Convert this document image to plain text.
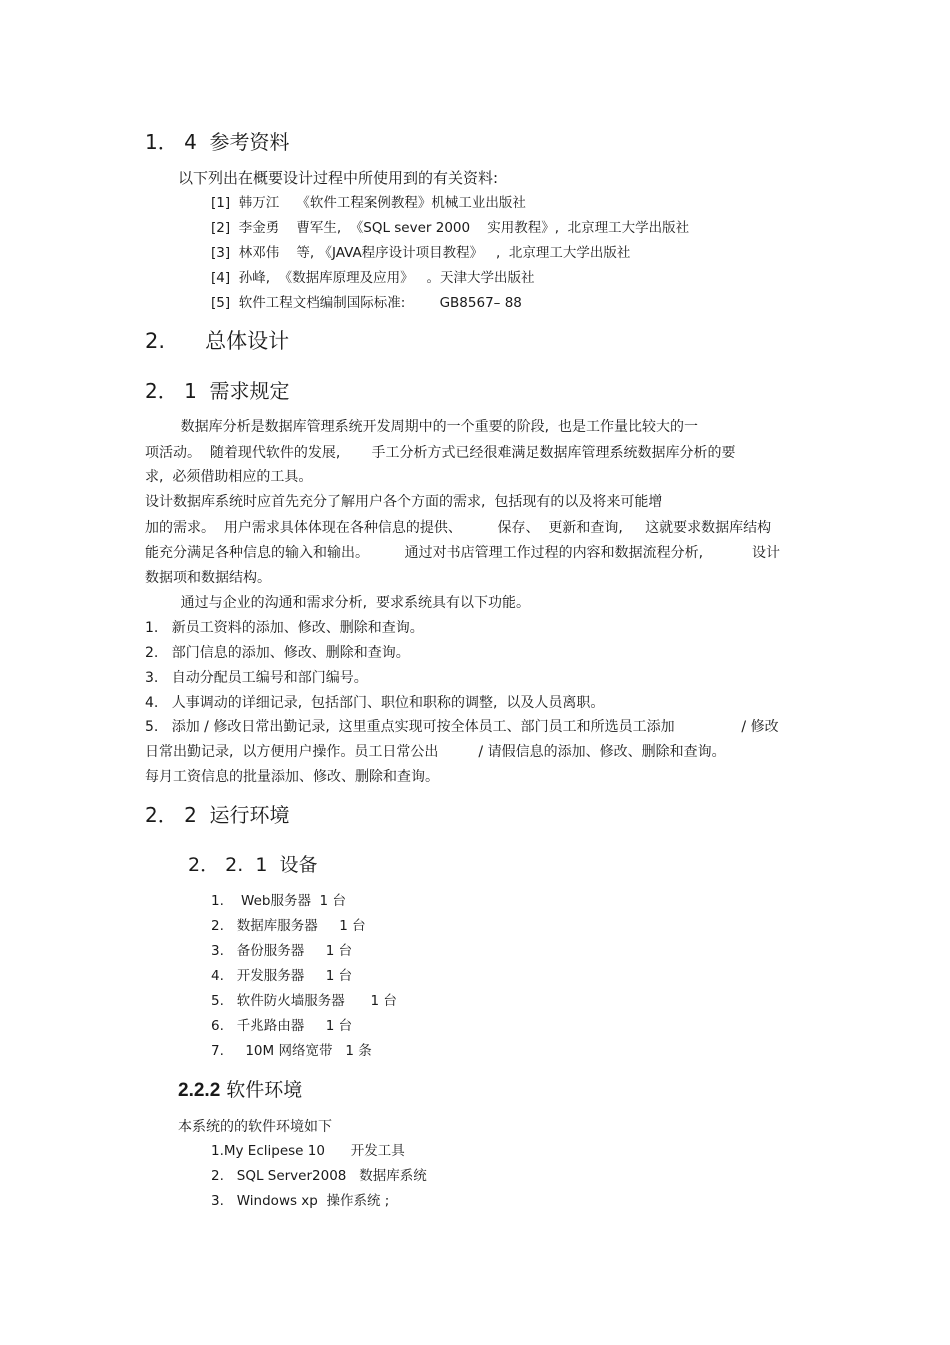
1． 4  参考资料
以下列出在概要设计过程中所使用到的有关资料:
[1]  韩万江    《软件工程案例教程》机械工业出版社
[2]  李金勇    曹军生,  《SQL sever 2000    实用教程》,  北京理工大学出版社
[3]  林邓伟    等, 《JAVA程序设计项目教程》   ,  北京理工大学出版社
[4]  孙峰,  《数据库原理及应用》   。天津大学出版社
[5]  软件工程文档编制国际标准:        GB8567– 88
2.      总体设计
2． 1  需求规定
数据库分析是数据库管理系统开发周期中的一个重要的阶段,  也是工作量比较大的一
项活动。  随着现代软件的发展,       手工分析方式已经很难满足数据库管理系统数据库分析的要
求,  必须借助相应的工具。
设计数据库系统时应首先充分了解用户各个方面的需求,  包括现有的以及将来可能增
加的需求。  用户需求具体体现在各种信息的提供、        保存、  更新和查询,     这就要求数据库结构
能充分满足各种信息的输入和输出。        通过对书店管理工作过程的内容和数据流程分析,           设计
数据项和数据结构。
通过与企业的沟通和需求分析,  要求系统具有以下功能。
1.   新员工资料的添加、修改、删除和查询。
2.   部门信息的添加、修改、删除和查询。
3.   自动分配员工编号和部门编号。
4.   人事调动的详细记录,  包括部门、职位和职称的调整,  以及人员离职。
5.   添加 / 修改日常出勤记录,  这里重点实现可按全体员工、部门员工和所选员工添加               / 修改
日常出勤记录,  以方便用户操作。员工日常公出         / 请假信息的添加、修改、删除和查询。
每月工资信息的批量添加、修改、删除和查询。
2． 2  运行环境
2． 2.  1  设备
1.    Web服务器  1 台
2.   数据库服务器     1 台
3.   备份服务器     1 台
4.   开发服务器     1 台
5.   软件防火墙服务器      1 台
6.   千兆路由器     1 台
7.     10M 网络宽带   1 条
2.2.2 软件环境
本系统的的软件环境如下
1.My Eclipese 10      开发工具
2.   SQL Server2008   数据库系统
3.   Windows xp  操作系统 ;
